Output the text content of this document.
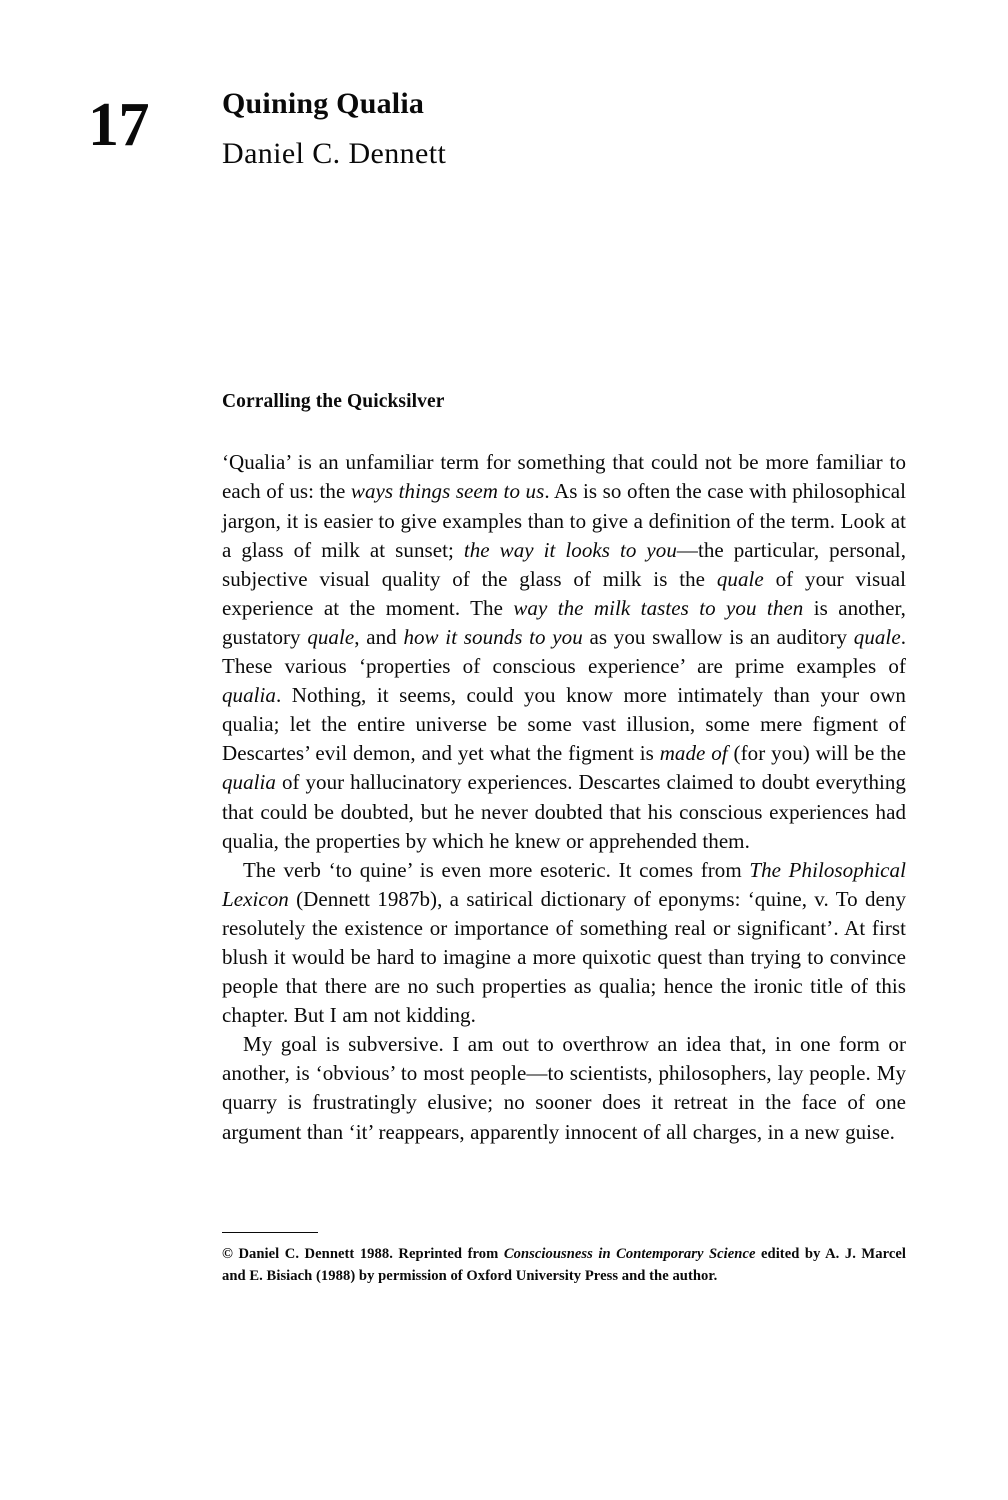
17 Quining Qualia
Daniel C. Dennett
Corralling the Quicksilver

‘Qualia’ is an unfamiliar term for something that could not be more familiar to each of us: the ways things seem to us. As is so often the case with philosophical jargon, it is easier to give examples than to give a definition of the term. Look at a glass of milk at sunset; the way it looks to you—the particular, personal, subjective visual quality of the glass of milk is the quale of your visual experience at the moment. The way the milk tastes to you then is another, gustatory quale, and how it sounds to you as you swallow is an auditory quale. These various ‘properties of conscious experience’ are prime examples of qualia. Nothing, it seems, could you know more intimately than your own qualia; let the entire universe be some vast illusion, some mere figment of Descartes’ evil demon, and yet what the figment is made of (for you) will be the qualia of your hallucinatory experiences. Descartes claimed to doubt everything that could be doubted, but he never doubted that his conscious experiences had qualia, the properties by which he knew or apprehended them.

The verb ‘to quine’ is even more esoteric. It comes from The Philosophical Lexicon (Dennett 1987b), a satirical dictionary of eponyms: ‘quine, v. To deny resolutely the existence or importance of something real or significant’. At first blush it would be hard to imagine a more quixotic quest than trying to convince people that there are no such properties as qualia; hence the ironic title of this chapter. But I am not kidding.

My goal is subversive. I am out to overthrow an idea that, in one form or another, is ‘obvious’ to most people—to scientists, philosophers, lay people. My quarry is frustratingly elusive; no sooner does it retreat in the face of one argument than ‘it’ reappears, apparently innocent of all charges, in a new guise.

© Daniel C. Dennett 1988. Reprinted from Consciousness in Contemporary Science edited by A. J. Marcel and E. Bisiach (1988) by permission of Oxford University Press and the author.
